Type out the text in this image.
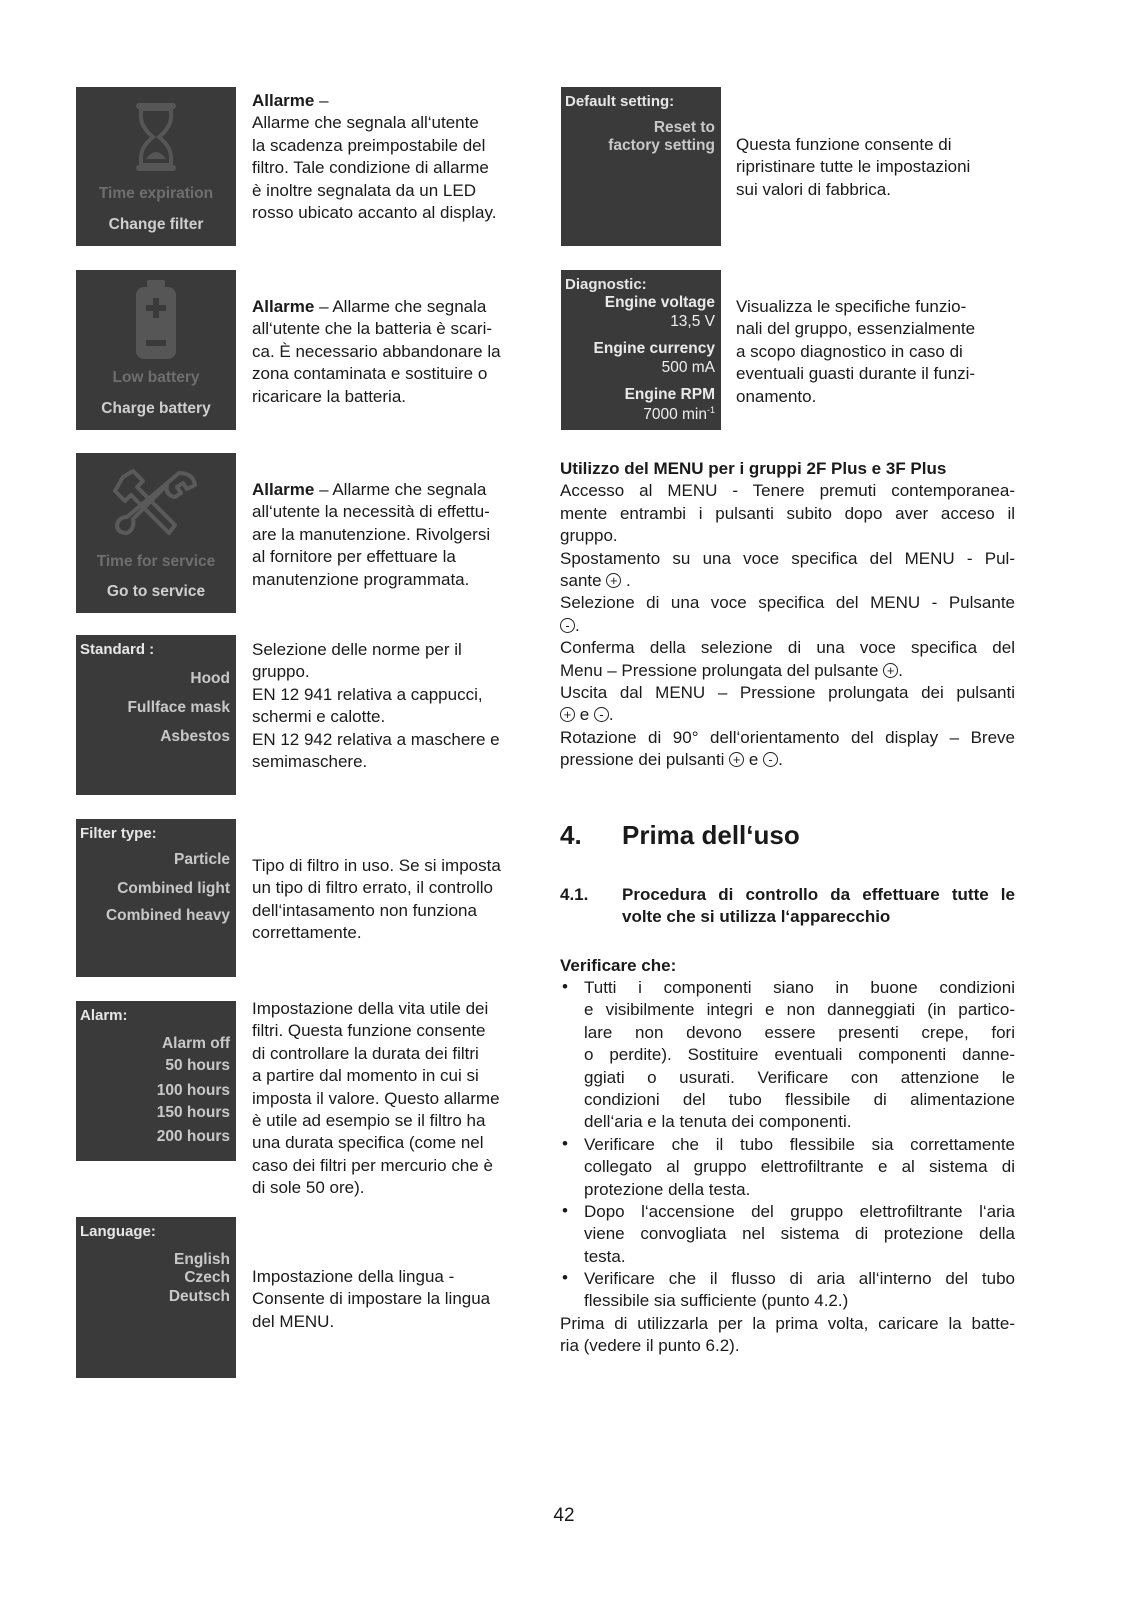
Time expiration
Change filter
Low battery
Charge battery
Time for service
Go to service
Standard :
Hood
Fullface mask
Asbestos
Filter type:
Particle
Combined light
Combined heavy
Alarm:
Alarm off
50 hours
100 hours
150 hours
200 hours
Language:
English
Czech
Deutsch
Default setting:
Reset to
factory setting
Diagnostic:
Engine voltage
13,5 V
Engine currency
500 mA
Engine RPM
7000 $\min^{-1}$
Allarme –
Allarme che segnala all‘utente
la scadenza preimpostabile del
filtro. Tale condizione di allarme
è inoltre segnalata da un LED
rosso ubicato accanto al display.
Allarme – Allarme che segnala
all‘utente che la batteria è scari-
ca. È necessario abbandonare la
zona contaminata e sostituire o
ricaricare la batteria.
Allarme – Allarme che segnala
all‘utente la necessità di effettu-
are la manutenzione. Rivolgersi
al fornitore per effettuare la
manutenzione programmata.
Selezione delle norme per il
gruppo.
EN 12 941 relativa a cappucci,
schermi e calotte.
EN 12 942 relativa a maschere e
semimaschere.
Tipo di filtro in uso. Se si imposta
un tipo di filtro errato, il controllo
dell‘intasamento non funziona
correttamente.
Impostazione della vita utile dei
filtri. Questa funzione consente
di controllare la durata dei filtri
a partire dal momento in cui si
imposta il valore. Questo allarme
è utile ad esempio se il filtro ha
una durata specifica (come nel
caso dei filtri per mercurio che è
di sole 50 ore).
Impostazione della lingua -
Consente di impostare la lingua
del MENU.
Questa funzione consente di
ripristinare tutte le impostazioni
sui valori di fabbrica.
Visualizza le specifiche funzio-
nali del gruppo, essenzialmente
a scopo diagnostico in caso di
eventuali guasti durante il funzi-
onamento.
Utilizzo del MENU per i gruppi 2F Plus e 3F Plus
Accesso al MENU - Tenere premuti contemporanea-
mente entrambi i pulsanti subito dopo aver acceso il
gruppo.
Spostamento su una voce specifica del MENU - Pul-
sante + .
Selezione di una voce specifica del MENU - Pulsante
- .
Conferma della selezione di una voce specifica del
Menu – Pressione prolungata del pulsante + .
Uscita dal MENU – Pressione prolungata dei pulsanti
+ e - .
Rotazione di 90° dell‘orientamento del display – Breve
pressione dei pulsanti + e - .
4. Prima dell‘uso
4.1.	Procedura di controllo da effettuare tutte le
volte che si utilizza l‘apparecchio
Verificare che:
• Tutti i componenti siano in buone condizioni
e visibilmente integri e non danneggiati (in partico-
lare non devono essere presenti crepe, fori
o perdite). Sostituire eventuali componenti danne-
ggiati o usurati. Verificare con attenzione le
condizioni del tubo flessibile di alimentazione
dell‘aria e la tenuta dei componenti.
• Verificare che il tubo flessibile sia correttamente
collegato al gruppo elettrofiltrante e al sistema di
protezione della testa.
• Dopo l‘accensione del gruppo elettrofiltrante l‘aria
viene convogliata nel sistema di protezione della
testa.
• Verificare che il flusso di aria all‘interno del tubo
flessibile sia sufficiente (punto 4.2.)
Prima di utilizzarla per la prima volta, caricare la batte-
ria (vedere il punto 6.2).
42
